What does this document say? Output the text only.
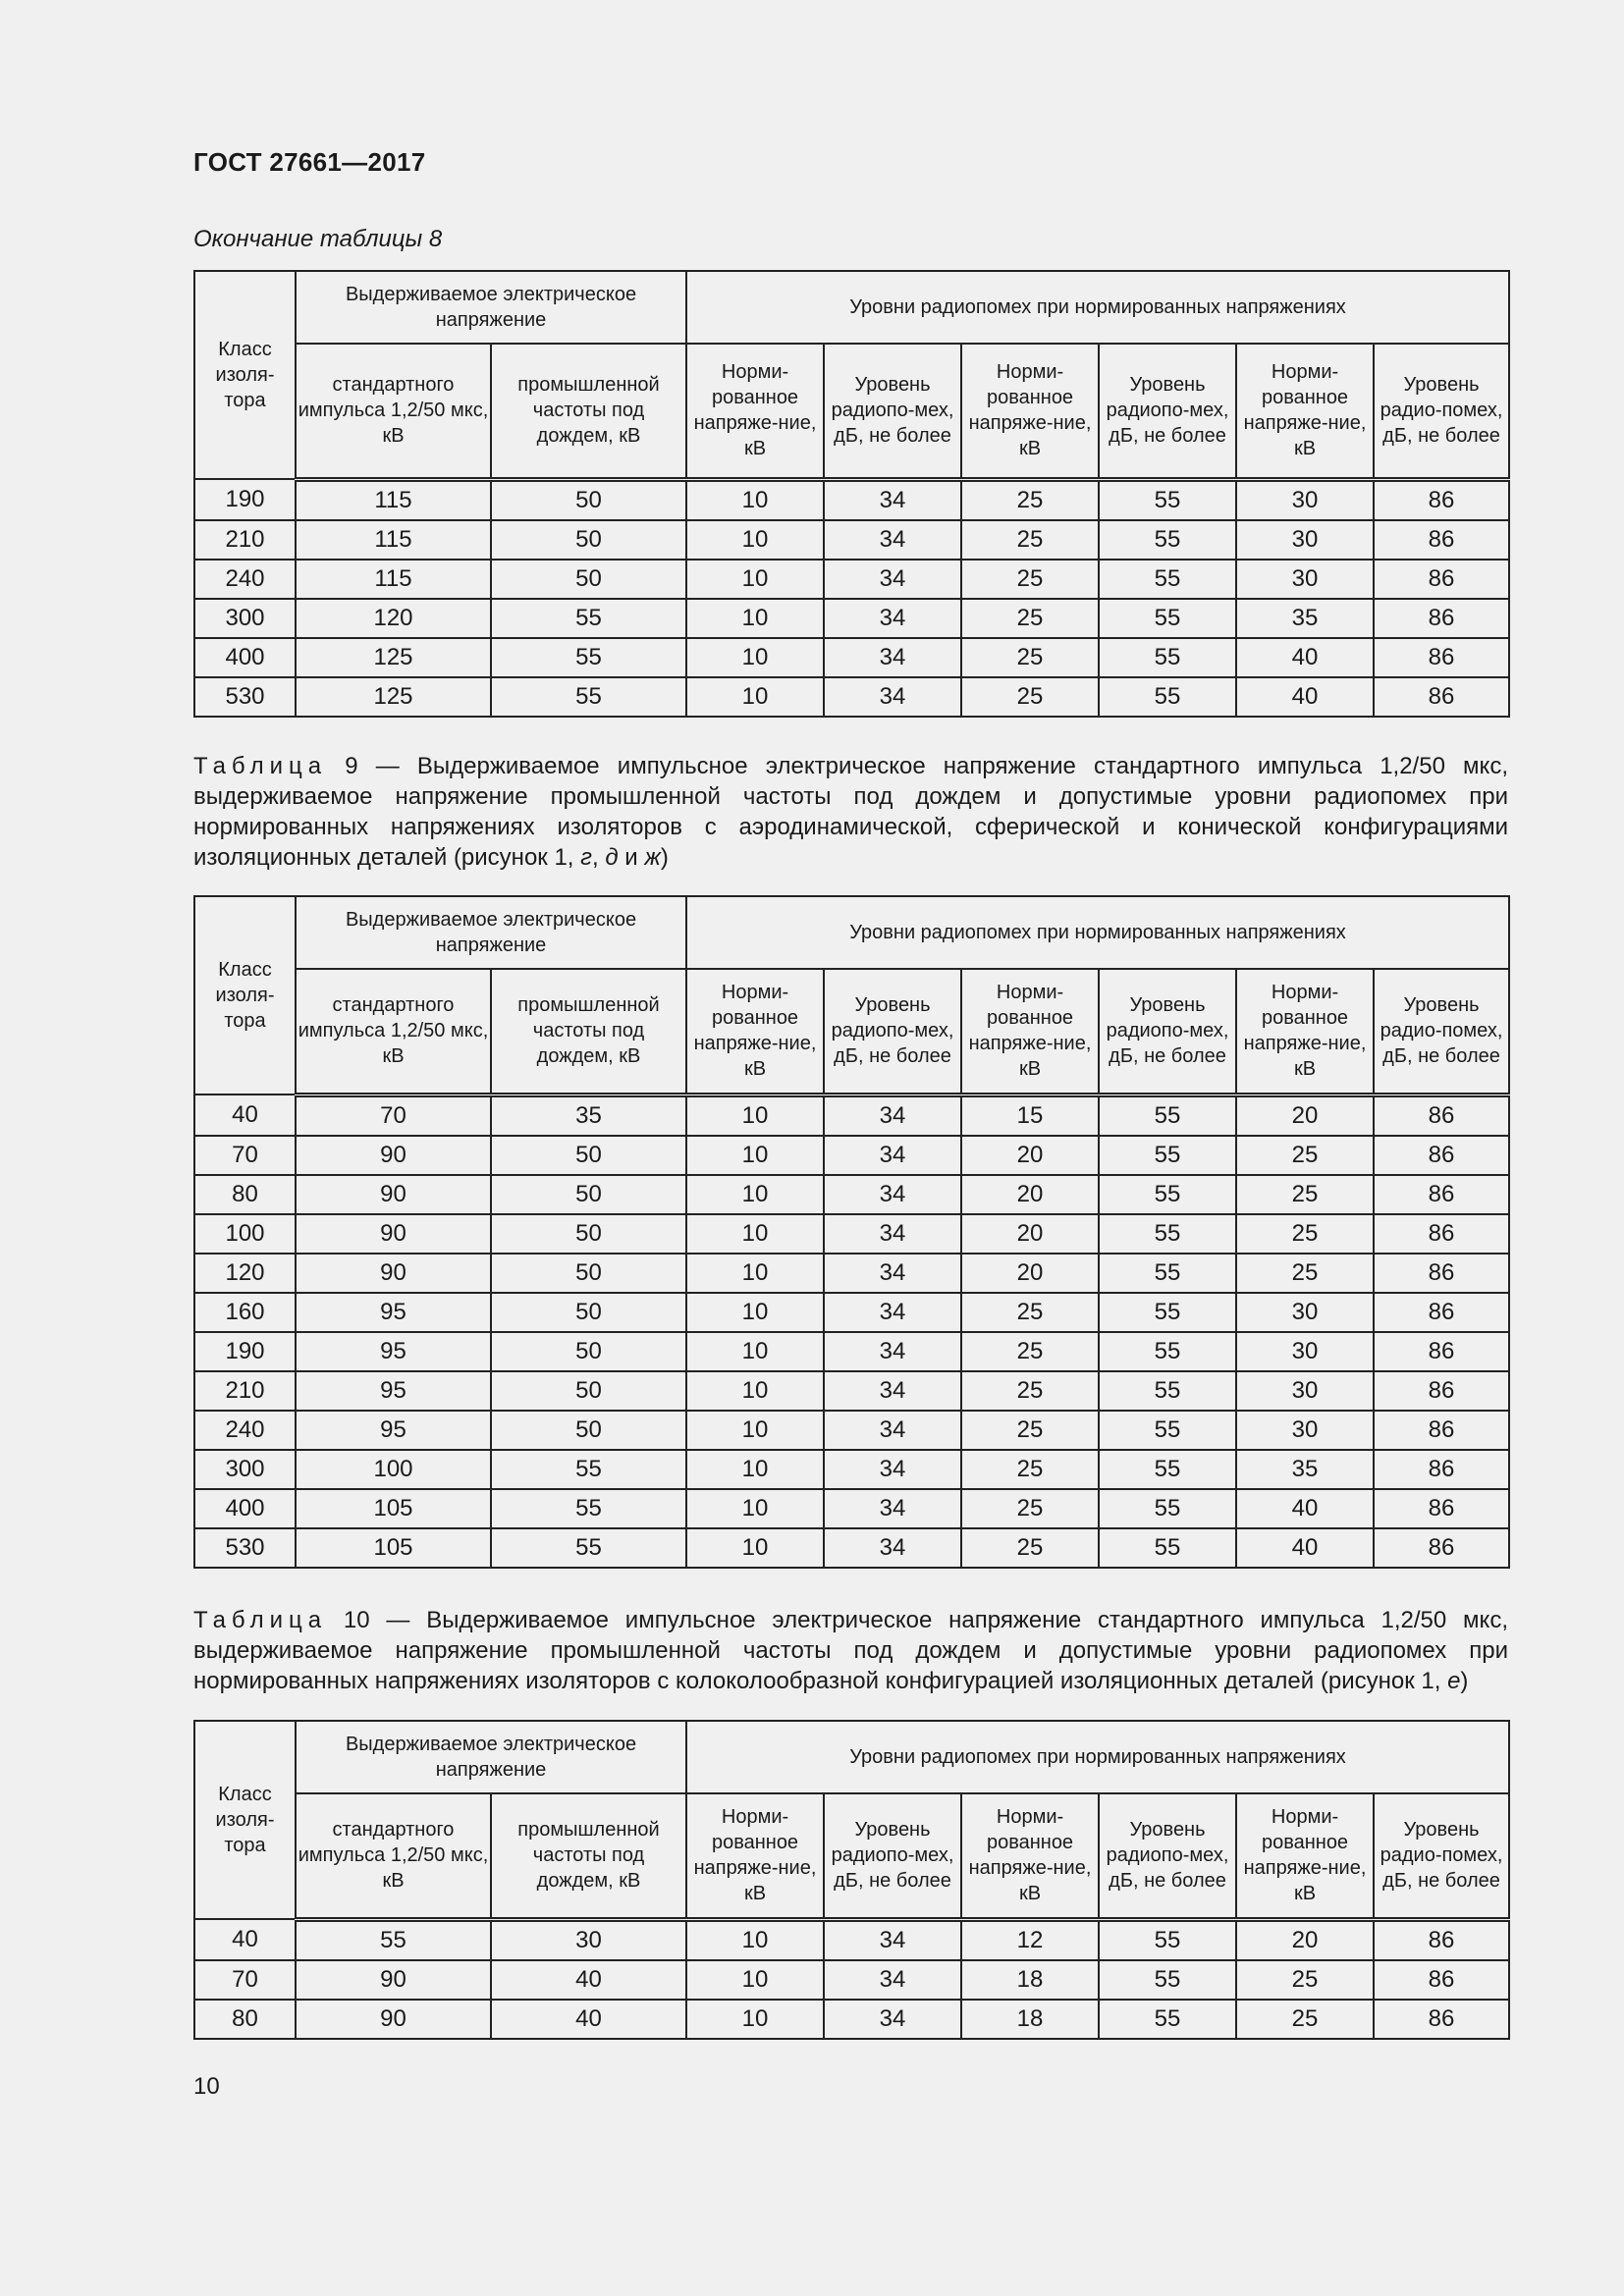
ГОСТ 27661—2017
Окончание таблицы 8
Класс изоля-тора	Выдерживаемое электрическое напряжение		Уровни радиопомех при нормированных напряжениях					
	стандартного импульса 1,2/50 мкс, кВ	промышленной частоты под дождем, кВ	Норми-рованное напряже-ние, кВ	Уровень радиопо-мех, дБ, не более	Норми-рованное напряже-ние, кВ	Уровень радиопо-мех, дБ, не более	Норми-рованное напряже-ние, кВ	Уровень радио-помех, дБ, не более
190	115	50	10	34	25	55	30	86
210	115	50	10	34	25	55	30	86
240	115	50	10	34	25	55	30	86
300	120	55	10	34	25	55	35	86
400	125	55	10	34	25	55	40	86
530	125	55	10	34	25	55	40	86
Таблица 9 — Выдерживаемое импульсное электрическое напряжение стандартного импульса 1,2/50 мкс, выдерживаемое напряжение промышленной частоты под дождем и допустимые уровни радиопомех при нормированных напряжениях изоляторов с аэродинамической, сферической и конической конфигурациями изоляционных деталей (рисунок 1, г, д и ж)
Класс изоля-тора	Выдерживаемое электрическое напряжение		Уровни радиопомех при нормированных напряжениях					
	стандартного импульса 1,2/50 мкс, кВ	промышленной частоты под дождем, кВ	Норми-рованное напряже-ние, кВ	Уровень радиопо-мех, дБ, не более	Норми-рованное напряже-ние, кВ	Уровень радиопо-мех, дБ, не более	Норми-рованное напряже-ние, кВ	Уровень радио-помех, дБ, не более
40	70	35	10	34	15	55	20	86
70	90	50	10	34	20	55	25	86
80	90	50	10	34	20	55	25	86
100	90	50	10	34	20	55	25	86
120	90	50	10	34	20	55	25	86
160	95	50	10	34	25	55	30	86
190	95	50	10	34	25	55	30	86
210	95	50	10	34	25	55	30	86
240	95	50	10	34	25	55	30	86
300	100	55	10	34	25	55	35	86
400	105	55	10	34	25	55	40	86
530	105	55	10	34	25	55	40	86
Таблица 10 — Выдерживаемое импульсное электрическое напряжение стандартного импульса 1,2/50 мкс, выдерживаемое напряжение промышленной частоты под дождем и допустимые уровни радиопомех при нормированных напряжениях изоляторов с колоколообразной конфигурацией изоляционных деталей (рисунок 1, е)
Класс изоля-тора	Выдерживаемое электрическое напряжение		Уровни радиопомех при нормированных напряжениях					
	стандартного импульса 1,2/50 мкс, кВ	промышленной частоты под дождем, кВ	Норми-рованное напряже-ние, кВ	Уровень радиопо-мех, дБ, не более	Норми-рованное напряже-ние, кВ	Уровень радиопо-мех, дБ, не более	Норми-рованное напряже-ние, кВ	Уровень радио-помех, дБ, не более
40	55	30	10	34	12	55	20	86
70	90	40	10	34	18	55	25	86
80	90	40	10	34	18	55	25	86
10
